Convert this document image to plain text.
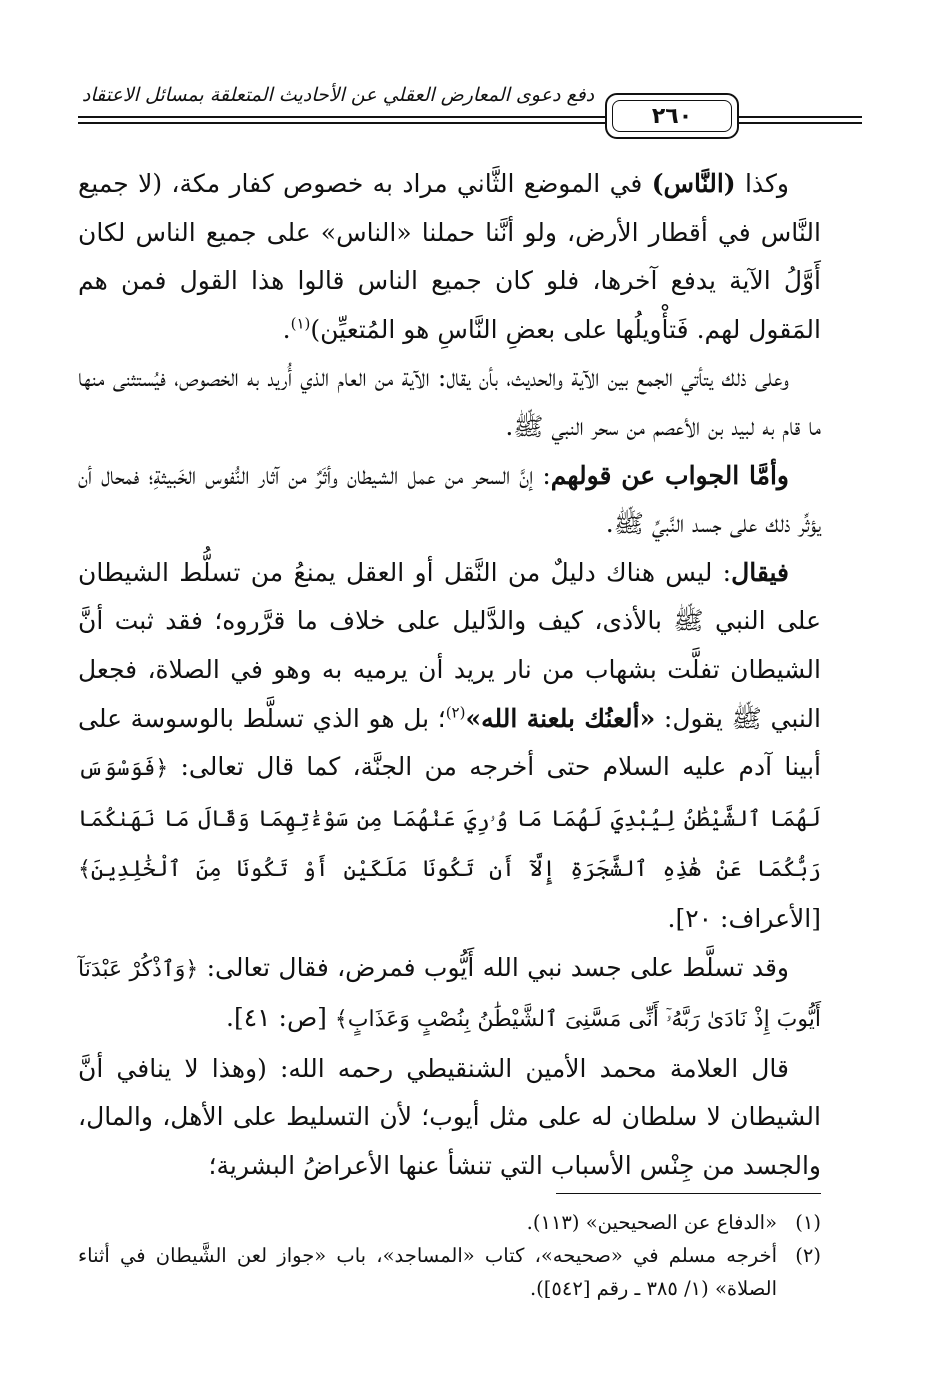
دفع دعوى المعارض العقلي عن الأحاديث المتعلقة بمسائل الاعتقاد
٢٦٠

وكذا (النَّاس) في الموضع الثَّاني مراد به خصوص كفار مكة، (لا جميع النَّاس في أقطار الأرض، ولو أنَّنا حملنا «الناس» على جميع الناس لكان أَوَّلُ الآية يدفع آخرها، فلو كان جميع الناس قالوا هذا القول فمن هم المَقول لهم. فَتأْويلُها على بعضِ النَّاسِ هو المُتعيِّن)$^{(١)}$.

وعلى ذلك يتأتي الجمع بين الآية والحديث، بأن يقال: الآية من العام الذي أُريد به الخصوص، فيُستثنى منها ما قام به لبيد بن الأعصم من سحر النبي ﷺ.

وأمَّا الجواب عن قولهم: إنَّ السحر من عمل الشيطان وأثَرٌ من آثار النُّفوس الخَبيثةِ؛ فمحال أن يؤثِّر ذلك على جسد النَّبيِّ ﷺ.

فيقال: ليس هناك دليلٌ من النَّقل أو العقل يمنعُ من تسلُّط الشيطان على النبي ﷺ بالأذى، كيف والدَّليل على خلاف ما قرَّروه؛ فقد ثبت أنَّ الشيطان تفلَّت بشهاب من نار يريد أن يرميه به وهو في الصلاة، فجعل النبي ﷺ يقول: «ألعنُك بلعنة الله»$^{(٢)}$؛ بل هو الذي تسلَّط بالوسوسة على أبينا آدم عليه السلام حتى أخرجه من الجنَّة، كما قال تعالى: ﴿فَوَسْوَسَ لَهُمَا ٱلشَّيْطَٰنُ لِيُبْدِيَ لَهُمَا مَا وُۥرِيَ عَنْهُمَا مِن سَوْءَٰتِهِمَا وَقَالَ مَا نَهَىٰكُمَا رَبُّكُمَا عَنْ هَٰذِهِ ٱلشَّجَرَةِ إِلَّآ أَن تَكُونَا مَلَكَيْنِ أَوْ تَكُونَا مِنَ ٱلْخَٰلِدِينَ﴾ [الأعراف: ٢٠].

وقد تسلَّط على جسد نبي الله أَيُّوب فمرض، فقال تعالى: ﴿وَٱذْكُرْ عَبْدَنَآ أَيُّوبَ إِذْ نَادَىٰ رَبَّهُۥٓ أَنِّى مَسَّنِىَ ٱلشَّيْطَٰنُ بِنُصْبٍ وَعَذَابٍ﴾ [ص: ٤١].

قال العلامة محمد الأمين الشنقيطي رحمه الله: (وهذا لا ينافي أنَّ الشيطان لا سلطان له على مثل أيوب؛ لأن التسليط على الأهل، والمال، والجسد من جِنْس الأسباب التي تنشأ عنها الأعراضُ البشرية؛

(١)
«الدفاع عن الصحيحين» (١١٣).
(٢)
أخرجه مسلم في «صحيحه»، كتاب «المساجد»، باب «جواز لعن الشَّيطان في أثناء الصلاة» (١/ ٣٨٥ ـ رقم [٥٤٢]).
